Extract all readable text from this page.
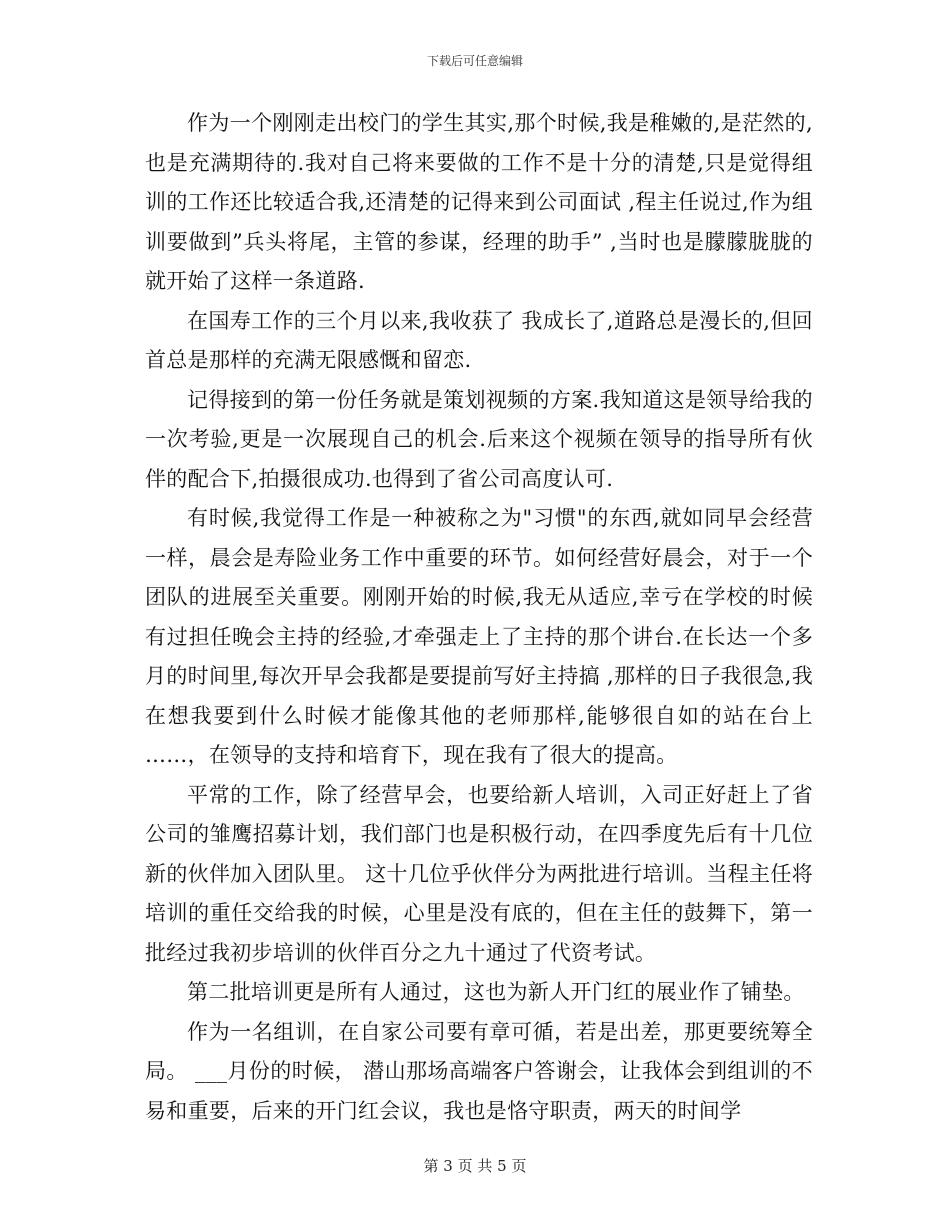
下载后可任意编辑

作为一个刚刚走出校门的学生其实,那个时候,我是稚嫩的,是茫然的,也是充满期待的.我对自己将来要做的工作不是十分的清楚,只是觉得组训的工作还比较适合我,还清楚的记得来到公司面试 ,程主任说过,作为组训要做到”兵头将尾，主管的参谋，经理的助手” ,当时也是朦朦胧胧的就开始了这样一条道路.

在国寿工作的三个月以来,我收获了 我成长了,道路总是漫长的,但回首总是那样的充满无限感慨和留恋.

记得接到的第一份任务就是策划视频的方案.我知道这是领导给我的一次考验,更是一次展现自己的机会.后来这个视频在领导的指导所有伙伴的配合下,拍摄很成功.也得到了省公司高度认可.

有时候,我觉得工作是一种被称之为"习惯"的东西,就如同早会经营一样，晨会是寿险业务工作中重要的环节。如何经营好晨会，对于一个团队的进展至关重要。刚刚开始的时候,我无从适应,幸亏在学校的时候有过担任晚会主持的经验,才牵强走上了主持的那个讲台.在长达一个多月的时间里,每次开早会我都是要提前写好主持搞 ,那样的日子我很急,我在想我要到什么时候才能像其他的老师那样,能够很自如的站在台上 ……，在领导的支持和培育下，现在我有了很大的提高。

平常的工作，除了经营早会，也要给新人培训，入司正好赶上了省公司的雏鹰招募计划，我们部门也是积极行动，在四季度先后有十几位新的伙伴加入团队里。 这十几位乎伙伴分为两批进行培训。当程主任将培训的重任交给我的时候，心里是没有底的，但在主任的鼓舞下，第一批经过我初步培训的伙伴百分之九十通过了代资考试。

第二批培训更是所有人通过，这也为新人开门红的展业作了铺垫。

作为一名组训，在自家公司要有章可循，若是出差，那更要统筹全局。 ___月份的时候， 潜山那场高端客户答谢会，让我体会到组训的不易和重要，后来的开门红会议，我也是恪守职责，两天的时间学

第 3 页 共 5 页
